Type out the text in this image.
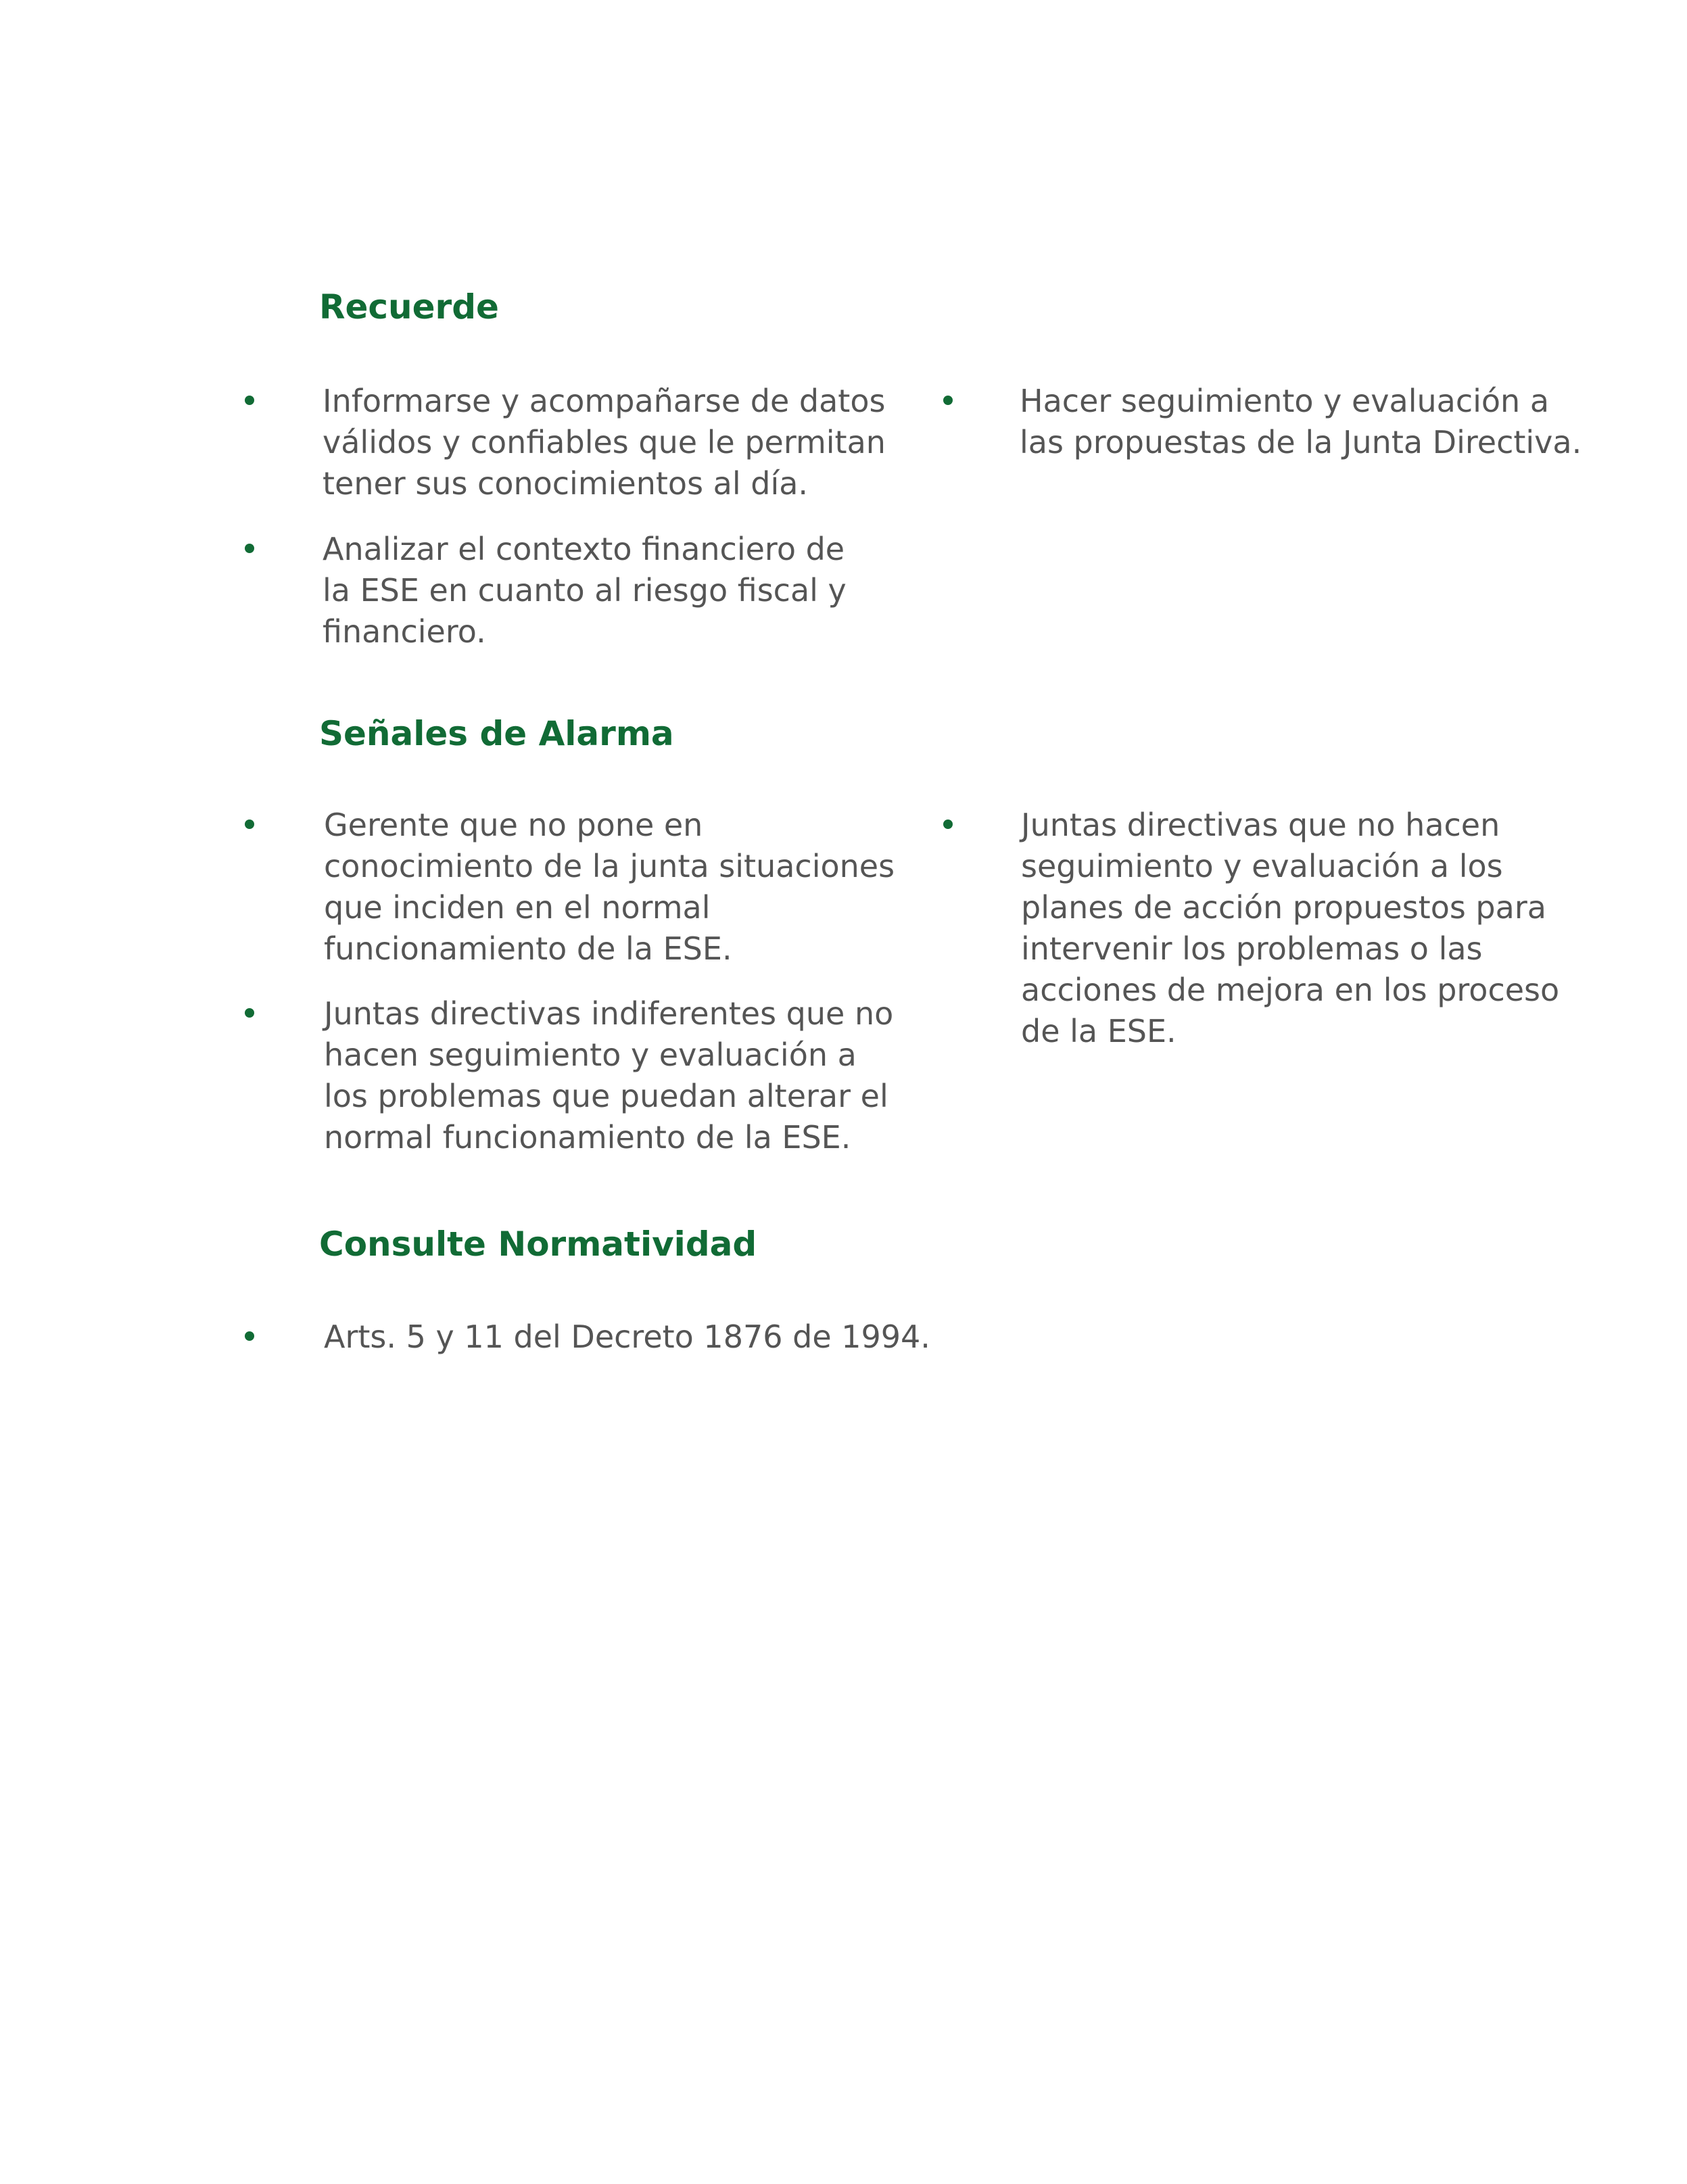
Recuerde

Informarse y acompañarse de datos
válidos y confiables que le permitan
tener sus conocimientos al día.

Analizar el contexto financiero de
la ESE en cuanto al riesgo fiscal y
financiero.

Hacer seguimiento y evaluación a
las propuestas de la Junta Directiva.

Señales de Alarma

Gerente que no pone en
conocimiento de la junta situaciones
que inciden en el normal
funcionamiento de la ESE.

Juntas directivas indiferentes que no
hacen seguimiento y evaluación a
los problemas que puedan alterar el
normal funcionamiento de la ESE.

Juntas directivas que no hacen
seguimiento y evaluación a los
planes de acción propuestos para
intervenir los problemas o las
acciones de mejora en los proceso
de la ESE.

Consulte Normatividad

Arts. 5 y 11 del Decreto 1876 de 1994.
